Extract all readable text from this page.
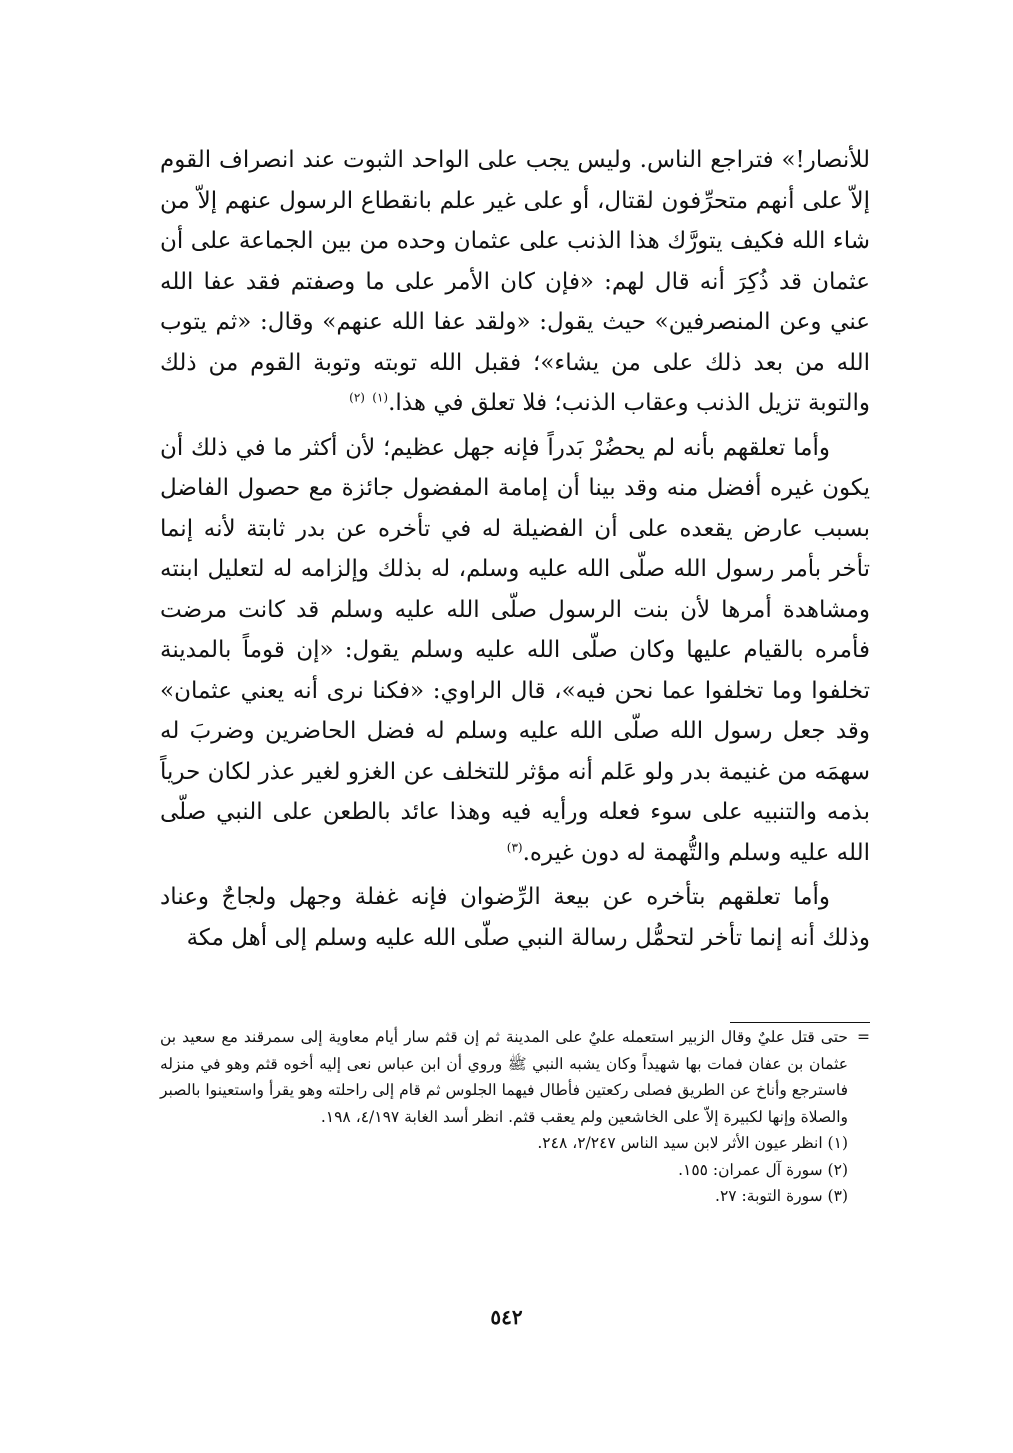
للأنصار!» فتراجع الناس. وليس يجب على الواحد الثبوت عند انصراف القوم إلاّ على أنهم متحرِّفون لقتال، أو على غير علم بانقطاع الرسول عنهم إلاّ من شاء الله فكيف يتورَّك هذا الذنب على عثمان وحده من بين الجماعة على أن عثمان قد ذُكِرَ أنه قال لهم: «فإن كان الأمر على ما وصفتم فقد عفا الله عني وعن المنصرفين» حيث يقول: «ولقد عفا الله عنهم» وقال: «ثم يتوب الله من بعد ذلك على من يشاء»؛ فقبل الله توبته وتوبة القوم من ذلك والتوبة تزيل الذنب وعقاب الذنب؛ فلا تعلق في هذا.$^{(١)}$ $^{(٢)}$

وأما تعلقهم بأنه لم يحضُرْ بَدراً فإنه جهل عظيم؛ لأن أكثر ما في ذلك أن يكون غيره أفضل منه وقد بينا أن إمامة المفضول جائزة مع حصول الفاضل بسبب عارض يقعده على أن الفضيلة له في تأخره عن بدر ثابتة لأنه إنما تأخر بأمر رسول الله صلّى الله عليه وسلم، له بذلك وإلزامه له لتعليل ابنته ومشاهدة أمرها لأن بنت الرسول صلّى الله عليه وسلم قد كانت مرضت فأمره بالقيام عليها وكان صلّى الله عليه وسلم يقول: «إن قوماً بالمدينة تخلفوا وما تخلفوا عما نحن فيه»، قال الراوي: «فكنا نرى أنه يعني عثمان» وقد جعل رسول الله صلّى الله عليه وسلم له فضل الحاضرين وضربَ له سهمَه من غنيمة بدر ولو عَلم أنه مؤثر للتخلف عن الغزو لغير عذر لكان حرياً بذمه والتنبيه على سوء فعله ورأيه فيه وهذا عائد بالطعن على النبي صلّى الله عليه وسلم والتُّهمة له دون غيره.$^{(٣)}$

وأما تعلقهم بتأخره عن بيعة الرِّضوان فإنه غفلة وجهل ولجاجٌ وعناد وذلك أنه إنما تأخر لتحمُّل رسالة النبي صلّى الله عليه وسلم إلى أهل مكة

=
حتى قتل عليٌ وقال الزبير استعمله عليٌ على المدينة ثم إن قثم سار أيام معاوية إلى سمرقند مع سعيد بن عثمان بن عفان فمات بها شهيداً وكان يشبه النبي ﷺ وروي أن ابن عباس نعى إليه أخوه قثم وهو في منزله فاسترجع وأناخ عن الطريق فصلى ركعتين فأطال فيهما الجلوس ثم قام إلى راحلته وهو يقرأ واستعينوا بالصبر والصلاة وإنها لكبيرة إلاّ على الخاشعين ولم يعقب قثم. انظر أسد الغابة ٤/١٩٧، ١٩٨.
(١) انظر عيون الأثر لابن سيد الناس ٢/٢٤٧، ٢٤٨.
(٢) سورة آل عمران: ١٥٥.
(٣) سورة التوبة: ٢٧.
٥٤٢
